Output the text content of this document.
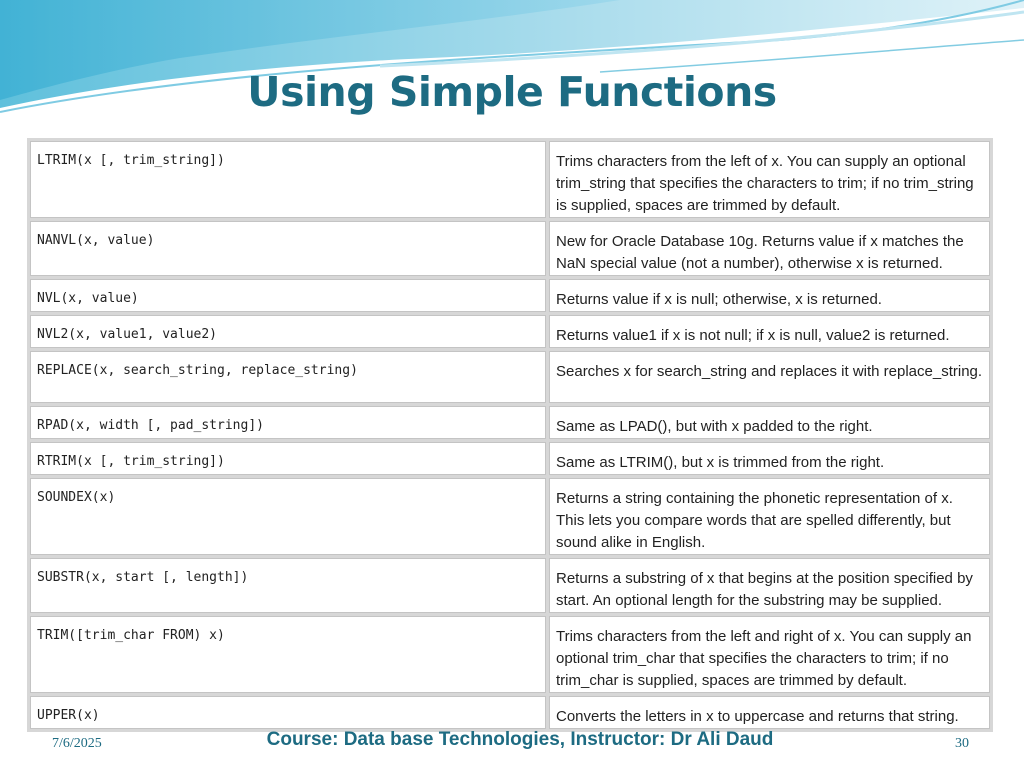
Using Simple Functions
LTRIM(x [, trim_string])	Trims characters from the left of x. You can supply an optional trim_string that specifies the characters to trim; if no trim_string is supplied, spaces are trimmed by default.
NANVL(x, value)	New for Oracle Database 10g. Returns value if x matches the NaN special value (not a number), otherwise x is returned.
NVL(x, value)	Returns value if x is null; otherwise, x is returned.
NVL2(x, value1, value2)	Returns value1 if x is not null; if x is null, value2 is returned.
REPLACE(x, search_string, replace_string)	Searches x for search_string and replaces it with replace_string.
RPAD(x, width [, pad_string])	Same as LPAD(), but with x padded to the right.
RTRIM(x [, trim_string])	Same as LTRIM(), but x is trimmed from the right.
SOUNDEX(x)	Returns a string containing the phonetic representation of x. This lets you compare words that are spelled differently, but sound alike in English.
SUBSTR(x, start [, length])	Returns a substring of x that begins at the position specified by start. An optional length for the substring may be supplied.
TRIM([trim_char FROM) x)	Trims characters from the left and right of x. You can supply an optional trim_char that specifies the characters to trim; if no trim_char is supplied, spaces are trimmed by default.
UPPER(x)	Converts the letters in x to uppercase and returns that string.
7/6/2025	Course: Data base Technologies, Instructor: Dr Ali Daud	30
